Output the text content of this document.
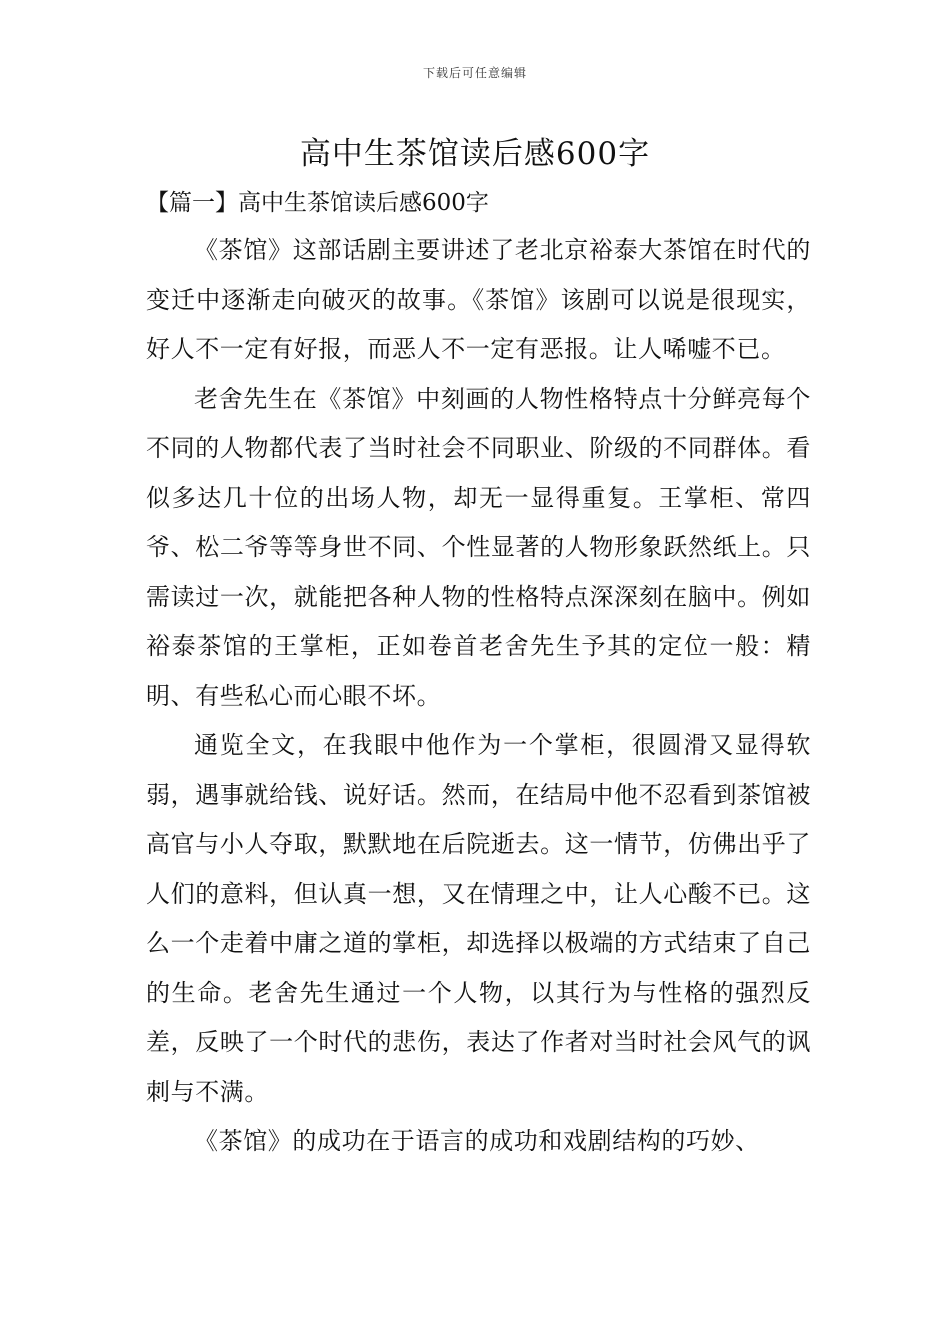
下载后可任意编辑
高中生茶馆读后感600字
【篇一】高中生茶馆读后感600字

《茶馆》这部话剧主要讲述了老北京裕泰大茶馆在时代的变迁中逐渐走向破灭的故事。《茶馆》该剧可以说是很现实，好人不一定有好报，而恶人不一定有恶报。让人唏嘘不已。

老舍先生在《茶馆》中刻画的人物性格特点十分鲜亮每个不同的人物都代表了当时社会不同职业、阶级的不同群体。看似多达几十位的出场人物，却无一显得重复。王掌柜、常四爷、松二爷等等身世不同、个性显著的人物形象跃然纸上。只需读过一次，就能把各种人物的性格特点深深刻在脑中。例如裕泰茶馆的王掌柜，正如卷首老舍先生予其的定位一般：精明、有些私心而心眼不坏。

通览全文，在我眼中他作为一个掌柜，很圆滑又显得软弱，遇事就给钱、说好话。然而，在结局中他不忍看到茶馆被高官与小人夺取，默默地在后院逝去。这一情节，仿佛出乎了人们的意料，但认真一想，又在情理之中，让人心酸不已。这么一个走着中庸之道的掌柜，却选择以极端的方式结束了自己的生命。老舍先生通过一个人物，以其行为与性格的强烈反差，反映了一个时代的悲伤，表达了作者对当时社会风气的讽刺与不满。

《茶馆》的成功在于语言的成功和戏剧结构的巧妙、
